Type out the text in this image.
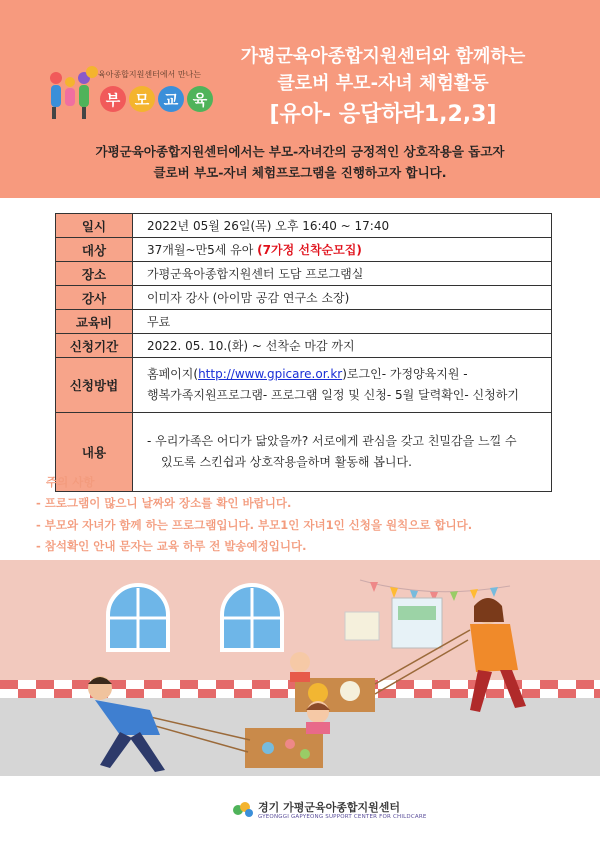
육아종합지원센터에서 만나는
부 모 교 육
가평군육아종합지원센터와 함께하는
클로버 부모-자녀 체험활동
[유아- 응답하라1,2,3]
가평군육아종합지원센터에서는 부모-자녀간의 긍정적인 상호작용을 돕고자
클로버 부모-자녀 체험프로그램을 진행하고자 합니다.
일시	2022년 05월 26일(목) 오후 16:40 ~ 17:40
대상	37개월~만5세 유아 (7가정 선착순모집)
장소	가평군육아종합지원센터 도담 프로그램실
강사	이미자 강사 (아이맘 공감 연구소 소장)
교육비	무료
신청기간	2022. 05. 10.(화) ~ 선착순 마감 까지
신청방법	홈페이지(http://www.gpicare.or.kr)로그인- 가정양육지원 -
행복가족지원프로그램- 프로그램 일정 및 신청- 5월 달력확인- 신청하기

내용	- 우리가족은 어디가 닮았을까? 서로에게 관심을 갖고 친밀감을 느낄 수
있도록 스킨쉽과 상호작용을하며 활동해 봅니다.
주의 사항
- 프로그램이 많으니 날짜와 장소를 확인 바랍니다.
- 부모와 자녀가 함께 하는 프로그램입니다. 부모1인 자녀1인 신청을 원칙으로 합니다.
- 참석확인 안내 문자는 교육 하루 전 발송예정입니다.
경기 가평군육아종합지원센터
GYEONGGI GAPYEONG SUPPORT CENTER FOR CHILDCARE
